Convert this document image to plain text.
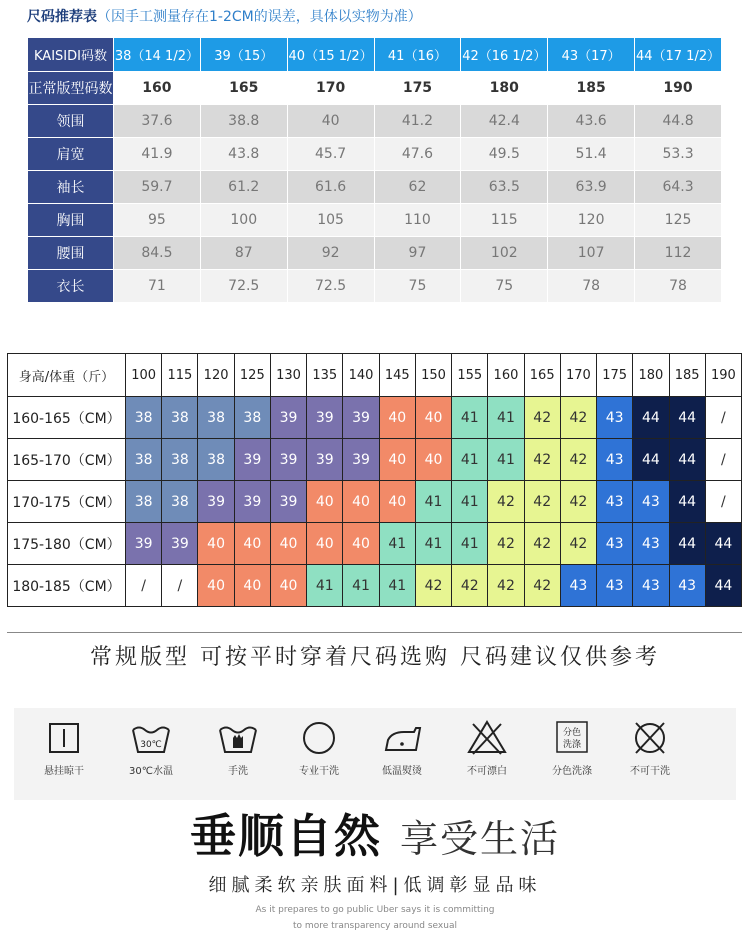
尺码推荐表（因手工测量存在1-2CM的误差，具体以实物为准）
KAISIDI码数	38（14 1/2）	39（15）	40（15 1/2）	41（16）	42（16 1/2）	43（17）	44（17 1/2）
正常版型码数	160	165	170	175	180	185	190
领围	37.6	38.8	40	41.2	42.4	43.6	44.8
肩宽	41.9	43.8	45.7	47.6	49.5	51.4	53.3
袖长	59.7	61.2	61.6	62	63.5	63.9	64.3
胸围	95	100	105	110	115	120	125
腰围	84.5	87	92	97	102	107	112
衣长	71	72.5	72.5	75	75	78	78
身高/体重（斤）	100	115	120	125	130	135	140	145	150	155	160	165	170	175	180	185	190
160-165（CM）	38	38	38	38	39	39	39	40	40	41	41	42	42	43	44	44	/
165-170（CM）	38	38	38	39	39	39	39	40	40	41	41	42	42	43	44	44	/
170-175（CM）	38	38	39	39	39	40	40	40	41	41	42	42	42	43	43	44	/
175-180（CM）	39	39	40	40	40	40	40	41	41	41	42	42	42	43	43	44	44
180-185（CM）	/	/	40	40	40	41	41	41	42	42	42	42	43	43	43	43	44
常规版型 可按平时穿着尺码选购 尺码建议仅供参考
悬挂晾干
30℃
30℃水温	手洗	专业干洗	低温熨烫	不可漂白
分色
洗涤
分色洗涤	不可干洗
垂顺自然 享受生活
细腻柔软亲肤面料|低调彰显品味
As it prepares to go public Uber says it is committing
to more transparency around sexual
